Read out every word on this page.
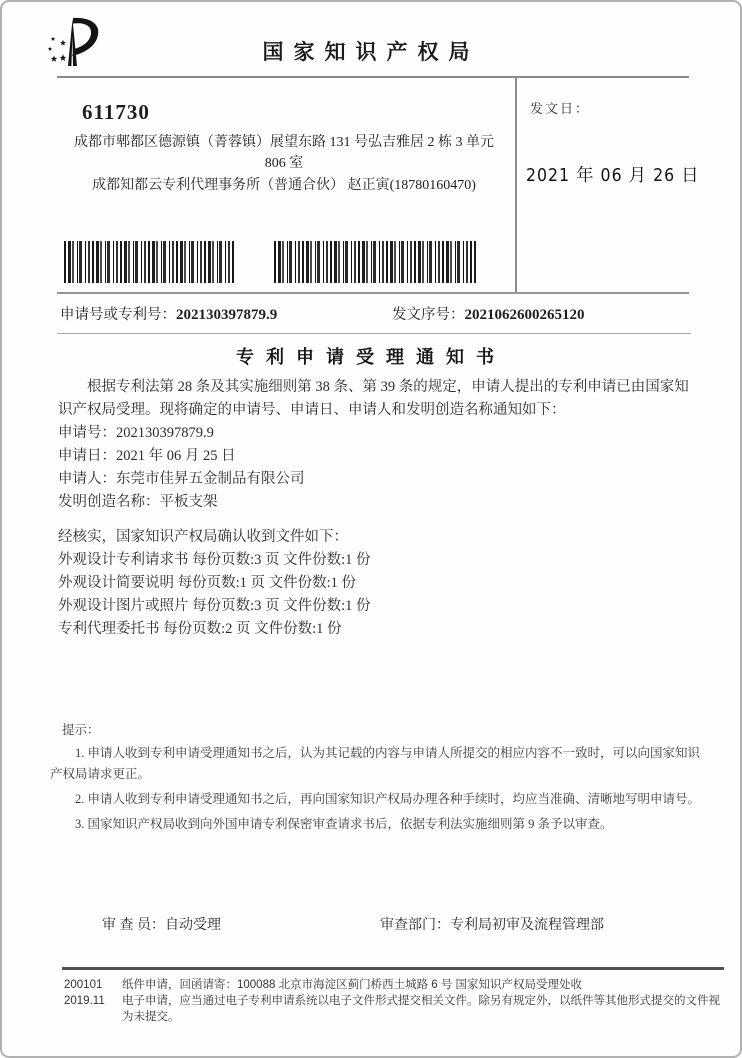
国家知识产权局
611730
成都市郫都区德源镇（菁蓉镇）展望东路 131 号弘吉雅居 2 栋 3 单元
806 室
成都知都云专利代理事务所（普通合伙） 赵正寅(18780160470)
发文日：
2021 年 06 月 26 日
申请号或专利号：202130397879.9	发文序号：2021062600265120
专利申请受理通知书

根据专利法第 28 条及其实施细则第 38 条、第 39 条的规定，申请人提出的专利申请已由国家知识产权局受理。现将确定的申请号、申请日、申请人和发明创造名称通知如下：

申请号：202130397879.9

申请日：2021 年 06 月 25 日

申请人：东莞市佳昇五金制品有限公司

发明创造名称：平板支架

经核实，国家知识产权局确认收到文件如下：

外观设计专利请求书 每份页数:3 页 文件份数:1 份

外观设计简要说明 每份页数:1 页 文件份数:1 份

外观设计图片或照片 每份页数:3 页 文件份数:1 份

专利代理委托书 每份页数:2 页 文件份数:1 份

提示：

1. 申请人收到专利申请受理通知书之后，认为其记载的内容与申请人所提交的相应内容不一致时，可以向国家知识产权局请求更正。

2. 申请人收到专利申请受理通知书之后，再向国家知识产权局办理各种手续时，均应当准确、清晰地写明申请号。

3. 国家知识产权局收到向外国申请专利保密审查请求书后，依据专利法实施细则第 9 条予以审查。

审 查 员：自动受理	审查部门：专利局初审及流程管理部
200101	纸件申请，回函请寄：100088 北京市海淀区蓟门桥西土城路 6 号 国家知识产权局受理处收
2019.11	电子申请，应当通过电子专利申请系统以电子文件形式提交相关文件。除另有规定外，以纸件等其他形式提交的文件视为未提交。
